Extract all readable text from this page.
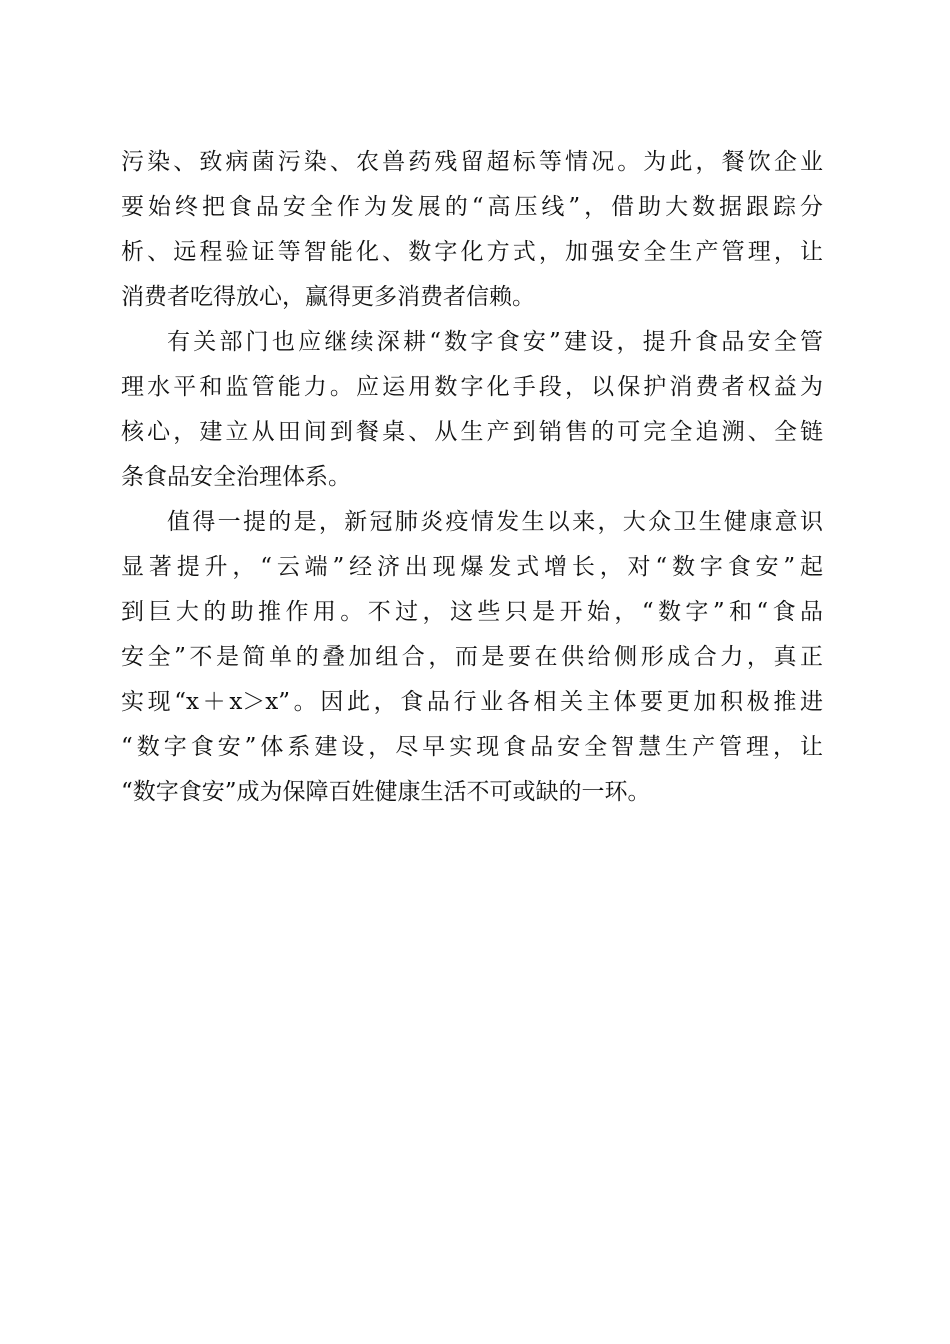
污染、致病菌污染、农兽药残留超标等情况。为此，餐饮企业
要始终把食品安全作为发展的“高压线”，借助大数据跟踪分
析、远程验证等智能化、数字化方式，加强安全生产管理，让
消费者吃得放心，赢得更多消费者信赖。
有关部门也应继续深耕“数字食安”建设，提升食品安全管
理水平和监管能力。应运用数字化手段，以保护消费者权益为
核心，建立从田间到餐桌、从生产到销售的可完全追溯、全链
条食品安全治理体系。
值得一提的是，新冠肺炎疫情发生以来，大众卫生健康意识
显著提升，“云端”经济出现爆发式增长，对“数字食安”起
到巨大的助推作用。不过，这些只是开始，“数字”和“食品
安全”不是简单的叠加组合，而是要在供给侧形成合力，真正
实现“x＋x＞x”。因此，食品行业各相关主体要更加积极推进
“数字食安”体系建设，尽早实现食品安全智慧生产管理，让
“数字食安”成为保障百姓健康生活不可或缺的一环。
